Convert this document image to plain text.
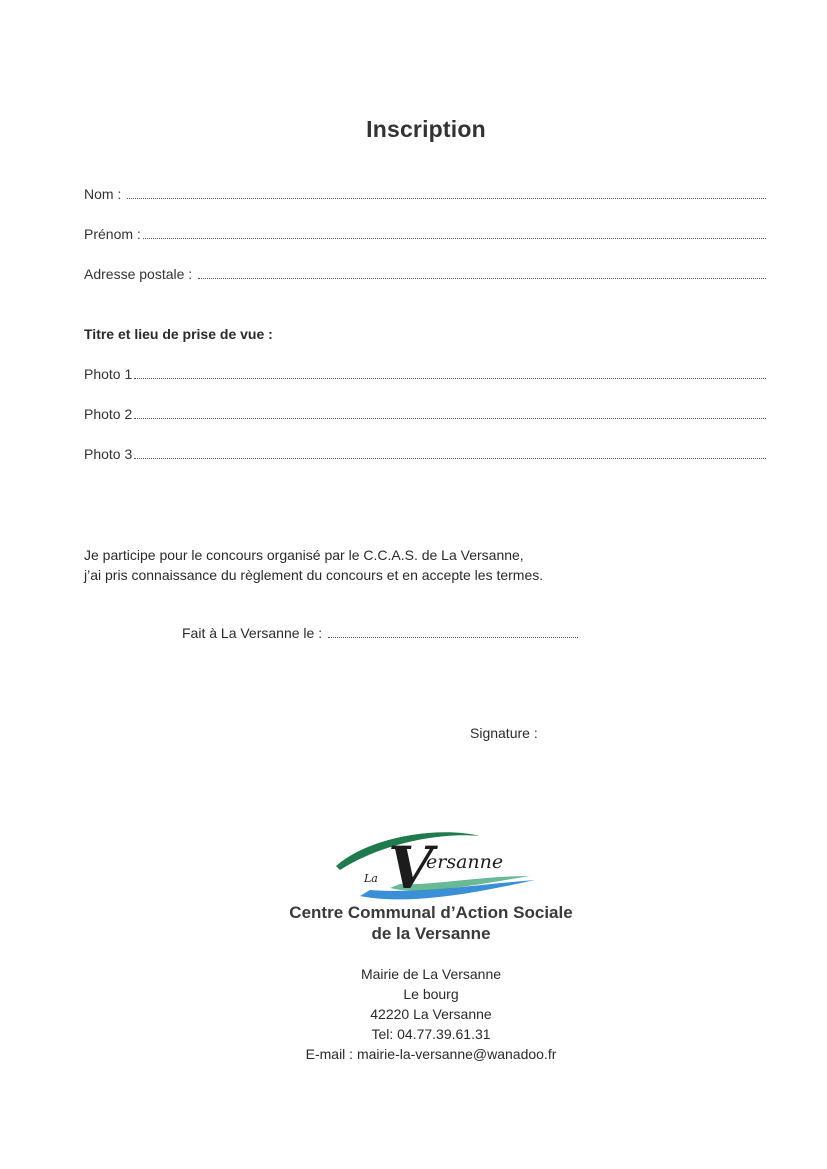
Inscription
Nom :
Prénom :
Adresse postale :
Titre et lieu de prise de vue :
Photo 1
Photo 2
Photo 3
Je participe pour le concours organisé par le C.C.A.S. de La Versanne,
j’ai pris connaissance du règlement du concours et en accepte les termes.
Fait à La Versanne le :
Signature :
V
La
ersanne
Centre Communal d’Action Sociale
de la Versanne
Mairie de La Versanne
Le bourg
42220 La Versanne
Tel: 04.77.39.61.31
E-mail : mairie-la-versanne@wanadoo.fr
